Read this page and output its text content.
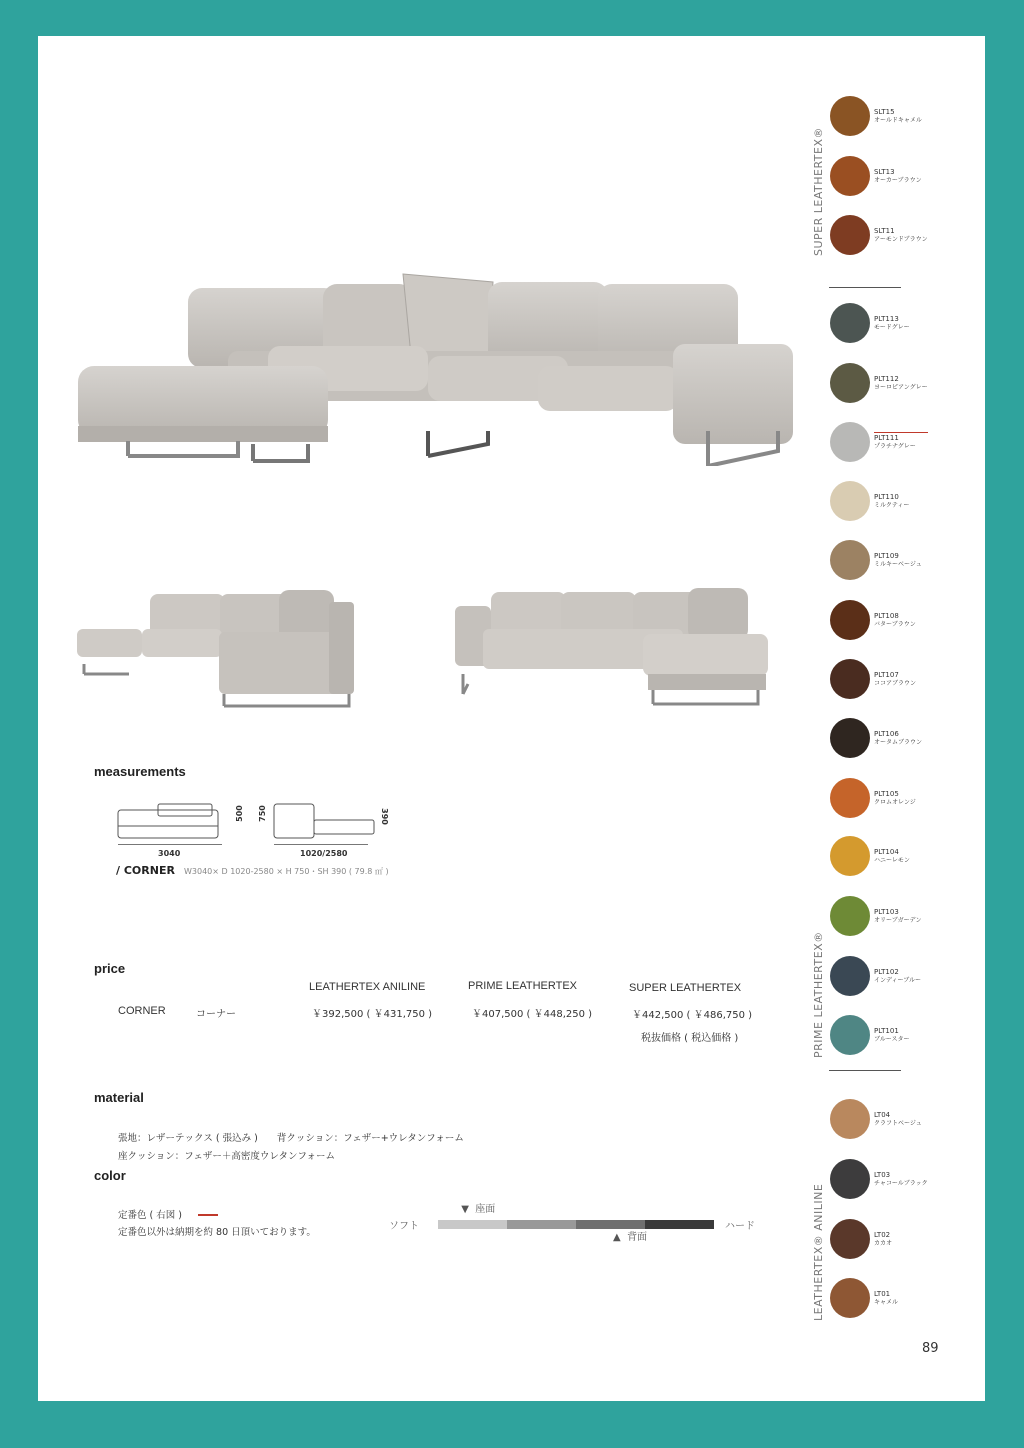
measurements
500 750	390
3040	1020/2580
/ CORNER W3040× D 1020-2580 × H 750・SH 390 ( 79.8 ㎡ )
price
LEATHERTEX ANILINE	PRIME LEATHERTEX	SUPER LEATHERTEX
CORNER	コーナー	￥392,500 ( ￥431,750 )	￥407,500 ( ￥448,250 )	￥442,500 ( ￥486,750 )
税抜価格 ( 税込価格 )
material
張地：レザーテックス ( 張込み )　　背クッション：フェザー+ウレタンフォーム
座クッション：フェザー＋高密度ウレタンフォーム
color
定番色 ( 右図 )
定番色以外は納期を約 80 日頂いております。
ソフト	ハード
▼ 座面
▲ 背面
SUPER LEATHERTEX®
PRIME LEATHERTEX®
LEATHERTEX® ANILINE
SLT15
オールドキャメル
SLT13
オーカーブラウン
SLT11
アーモンドブラウン
PLT113
モードグレー
PLT112
ヨーロピアングレー
PLT111
プラチナグレー
PLT110
ミルクティー
PLT109
ミルキーベージュ
PLT108
バターブラウン
PLT107
ココアブラウン
PLT106
オータムブラウン
PLT105
クロムオレンジ
PLT104
ハニーレモン
PLT103
オリーブガーデン
PLT102
インディーブルー
PLT101
ブルースター
LT04
クラフトベージュ
LT03
チャコールブラック
LT02
カカオ
LT01
キャメル
89
